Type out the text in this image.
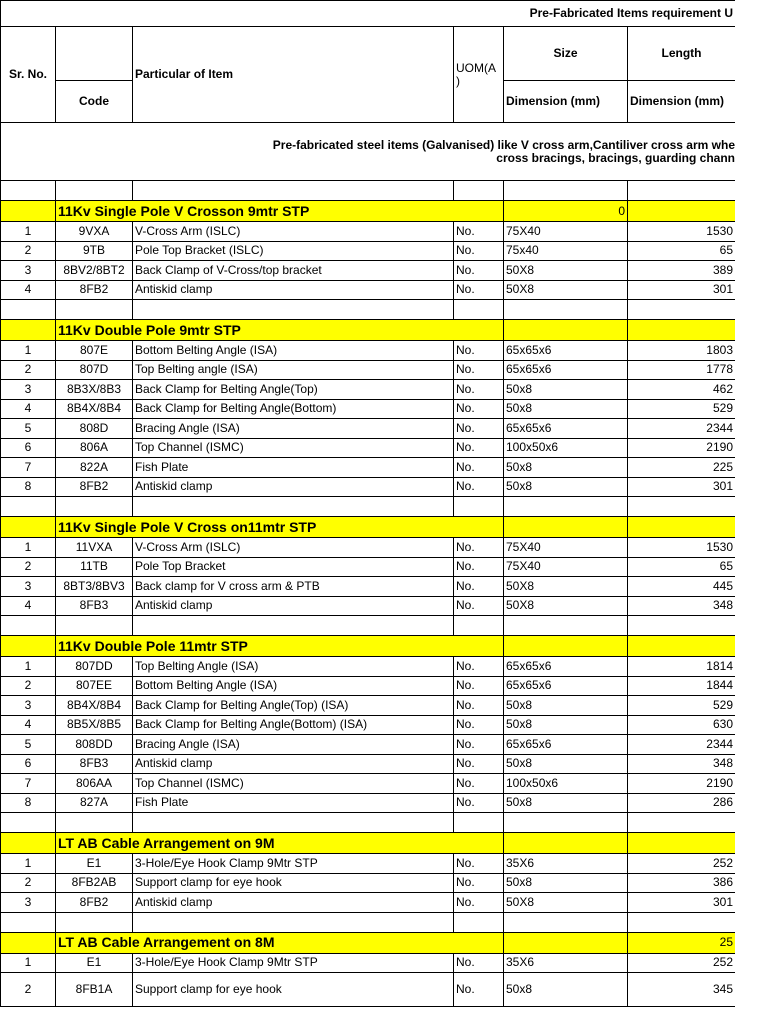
Pre-Fabricated Items requirement U					
Sr. No.		Particular of Item	UOM(A
)	Size	Length
	Code			Dimension (mm)	Dimension (mm)

Pre-fabricated steel items (Galvanised) like V cross arm,Cantiliver cross arm whe
cross bracings, bracings, guarding chann					

	11Kv Single Pole V Crosson 9mtr STP			0	
1	9VXA	V-Cross Arm (ISLC)	No.	75X40	1530
2	9TB	Pole Top Bracket (ISLC)	No.	75x40	65
3	8BV2/8BT2	Back Clamp of V-Cross/top bracket	No.	50X8	389
4	8FB2	Antiskid clamp	No.	50X8	301

	11Kv Double Pole 9mtr STP				
1	807E	Bottom Belting Angle (ISA)	No.	65x65x6	1803
2	807D	Top Belting angle (ISA)	No.	65x65x6	1778
3	8B3X/8B3	Back Clamp for Belting Angle(Top)	No.	50x8	462
4	8B4X/8B4	Back Clamp for Belting Angle(Bottom)	No.	50x8	529
5	808D	Bracing Angle (ISA)	No.	65x65x6	2344
6	806A	Top Channel (ISMC)	No.	100x50x6	2190
7	822A	Fish Plate	No.	50x8	225
8	8FB2	Antiskid clamp	No.	50x8	301

	11Kv Single Pole V Cross on11mtr STP				
1	11VXA	V-Cross Arm (ISLC)	No.	75X40	1530
2	11TB	Pole Top Bracket	No.	75X40	65
3	8BT3/8BV3	Back clamp for V cross arm & PTB	No.	50X8	445
4	8FB3	Antiskid clamp	No.	50X8	348

	11Kv Double Pole 11mtr STP				
1	807DD	Top Belting Angle (ISA)	No.	65x65x6	1814
2	807EE	Bottom Belting Angle (ISA)	No.	65x65x6	1844
3	8B4X/8B4	Back Clamp for Belting Angle(Top) (ISA)	No.	50x8	529
4	8B5X/8B5	Back Clamp for Belting Angle(Bottom) (ISA)	No.	50x8	630
5	808DD	Bracing Angle (ISA)	No.	65x65x6	2344
6	8FB3	Antiskid clamp	No.	50x8	348
7	806AA	Top Channel (ISMC)	No.	100x50x6	2190
8	827A	Fish Plate	No.	50x8	286

	LT AB Cable Arrangement on 9M				
1	E1	3-Hole/Eye Hook Clamp 9Mtr STP	No.	35X6	252
2	8FB2AB	Support clamp for eye hook	No.	50x8	386
3	8FB2	Antiskid clamp	No.	50X8	301

	LT AB Cable Arrangement on 8M				25
1	E1	3-Hole/Eye Hook Clamp 9Mtr STP	No.	35X6	252
2	8FB1A	Support clamp for eye hook	No.	50x8	345
